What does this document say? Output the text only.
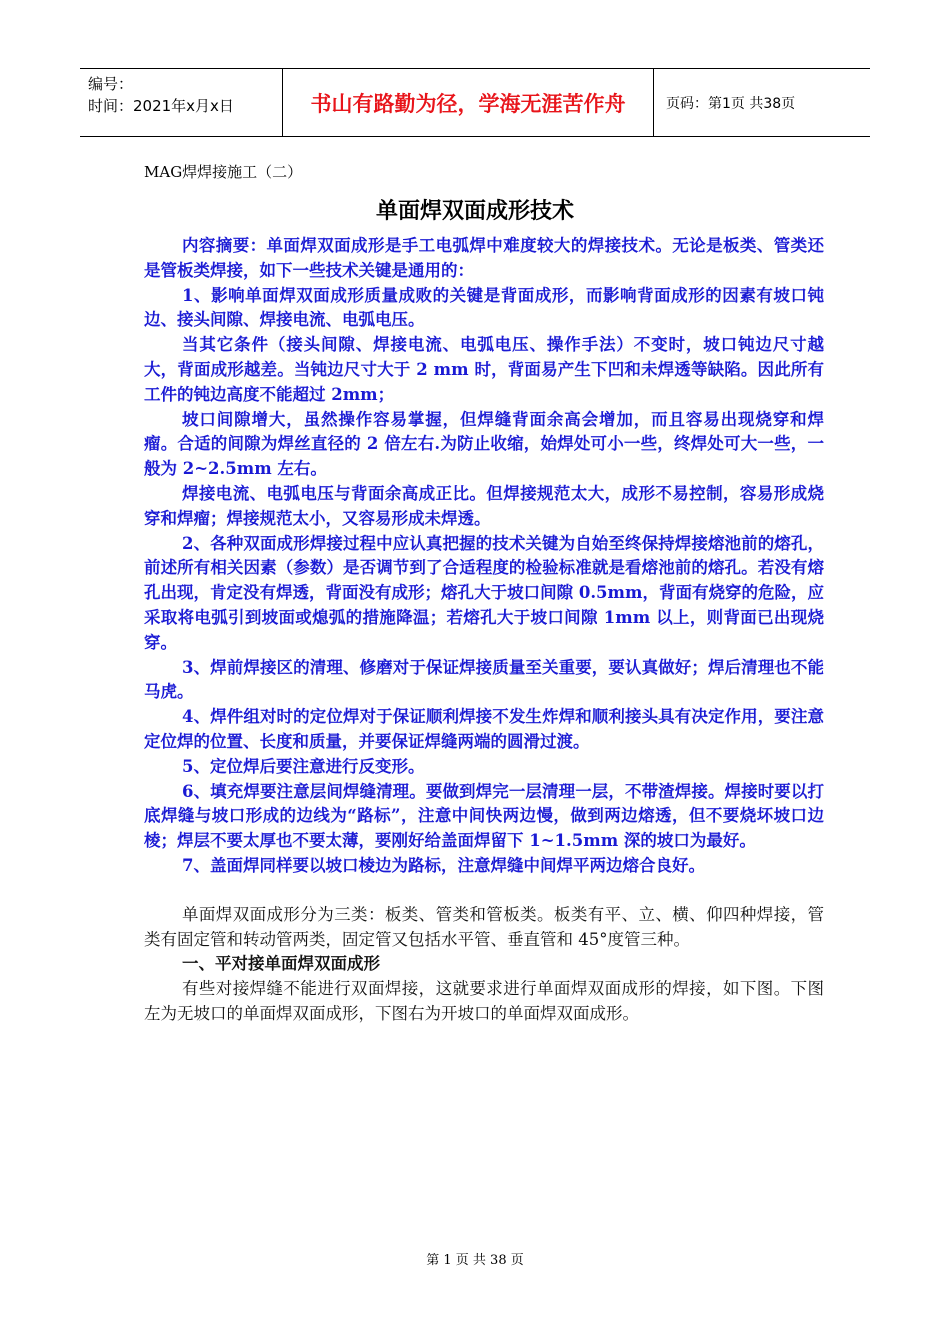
编号：
时间：2021年x月x日	书山有路勤为径，学海无涯苦作舟	页码：第1页 共38页
MAG焊焊接施工（二）
单面焊双面成形技术

内容摘要：单面焊双面成形是手工电弧焊中难度较大的焊接技术。无论是板类、管类还是管板类焊接，如下一些技术关键是通用的：

1、影响单面焊双面成形质量成败的关键是背面成形，而影响背面成形的因素有坡口钝边、接头间隙、焊接电流、电弧电压。

当其它条件（接头间隙、焊接电流、电弧电压、操作手法）不变时，坡口钝边尺寸越大，背面成形越差。当钝边尺寸大于 2 mm 时，背面易产生下凹和未焊透等缺陷。因此所有工件的钝边高度不能超过 2mm；

坡口间隙增大，虽然操作容易掌握，但焊缝背面余高会增加，而且容易出现烧穿和焊瘤。合适的间隙为焊丝直径的 2 倍左右.为防止收缩，始焊处可小一些，终焊处可大一些，一般为 2~2.5mm 左右。

焊接电流、电弧电压与背面余高成正比。但焊接规范太大，成形不易控制，容易形成烧穿和焊瘤；焊接规范太小，又容易形成未焊透。

2、各种双面成形焊接过程中应认真把握的技术关键为自始至终保持焊接熔池前的熔孔，前述所有相关因素（参数）是否调节到了合适程度的检验标准就是看熔池前的熔孔。若没有熔孔出现，肯定没有焊透，背面没有成形；熔孔大于坡口间隙 0.5mm，背面有烧穿的危险，应采取将电弧引到坡面或熄弧的措施降温；若熔孔大于坡口间隙 1mm 以上，则背面已出现烧穿。

3、焊前焊接区的清理、修磨对于保证焊接质量至关重要，要认真做好；焊后清理也不能马虎。

4、焊件组对时的定位焊对于保证顺利焊接不发生炸焊和顺利接头具有决定作用，要注意定位焊的位置、长度和质量，并要保证焊缝两端的圆滑过渡。

5、定位焊后要注意进行反变形。

6、填充焊要注意层间焊缝清理。要做到焊完一层清理一层，不带渣焊接。焊接时要以打底焊缝与坡口形成的边线为“路标”，注意中间快两边慢，做到两边熔透，但不要烧坏坡口边棱；焊层不要太厚也不要太薄，要刚好给盖面焊留下 1~1.5mm 深的坡口为最好。

7、盖面焊同样要以坡口棱边为路标，注意焊缝中间焊平两边熔合良好。

单面焊双面成形分为三类：板类、管类和管板类。板类有平、立、横、仰四种焊接，管类有固定管和转动管两类，固定管又包括水平管、垂直管和 45°度管三种。

一、平对接单面焊双面成形

有些对接焊缝不能进行双面焊接，这就要求进行单面焊双面成形的焊接，如下图。下图左为无坡口的单面焊双面成形，下图右为开坡口的单面焊双面成形。

第 1 页 共 38 页
